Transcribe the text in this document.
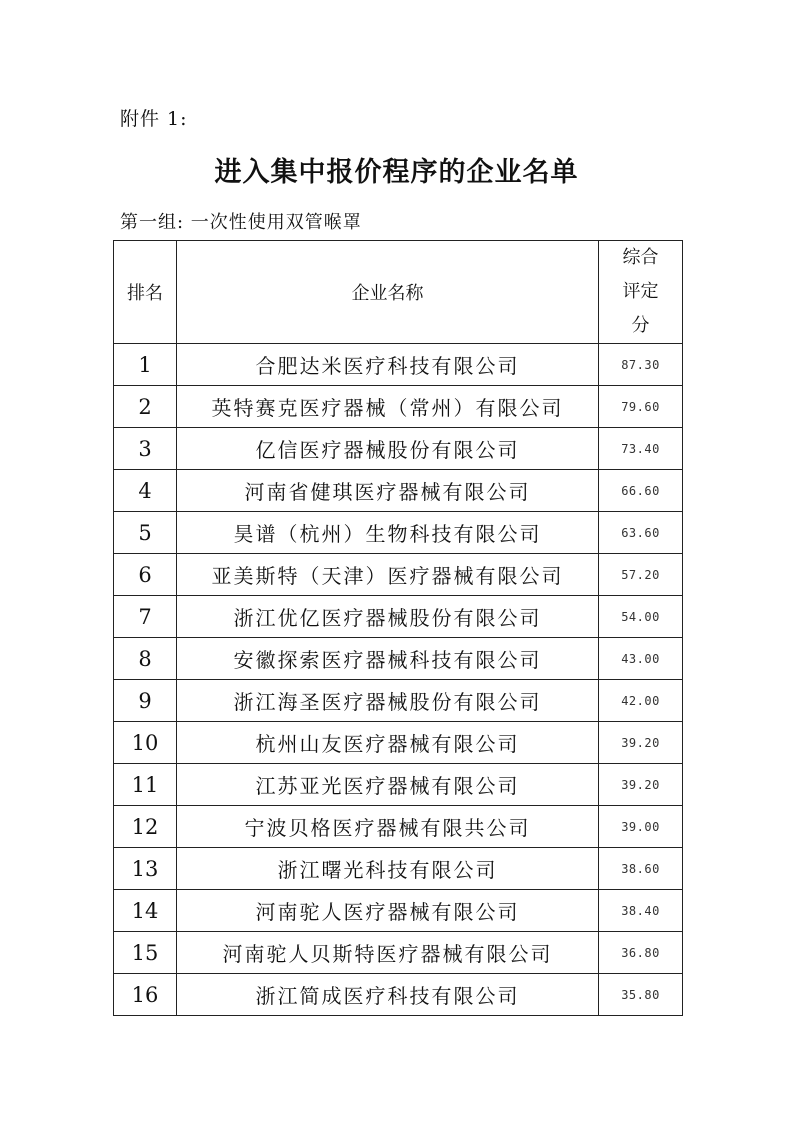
附件 1:
进入集中报价程序的企业名单
第一组: 一次性使用双管喉罩
排名	企业名称	综合评定分
1	合肥达米医疗科技有限公司	87.30
2	英特赛克医疗器械（常州）有限公司	79.60
3	亿信医疗器械股份有限公司	73.40
4	河南省健琪医疗器械有限公司	66.60
5	昊谱（杭州）生物科技有限公司	63.60
6	亚美斯特（天津）医疗器械有限公司	57.20
7	浙江优亿医疗器械股份有限公司	54.00
8	安徽探索医疗器械科技有限公司	43.00
9	浙江海圣医疗器械股份有限公司	42.00
10	杭州山友医疗器械有限公司	39.20
11	江苏亚光医疗器械有限公司	39.20
12	宁波贝格医疗器械有限共公司	39.00
13	浙江曙光科技有限公司	38.60
14	河南驼人医疗器械有限公司	38.40
15	河南驼人贝斯特医疗器械有限公司	36.80
16	浙江简成医疗科技有限公司	35.80
